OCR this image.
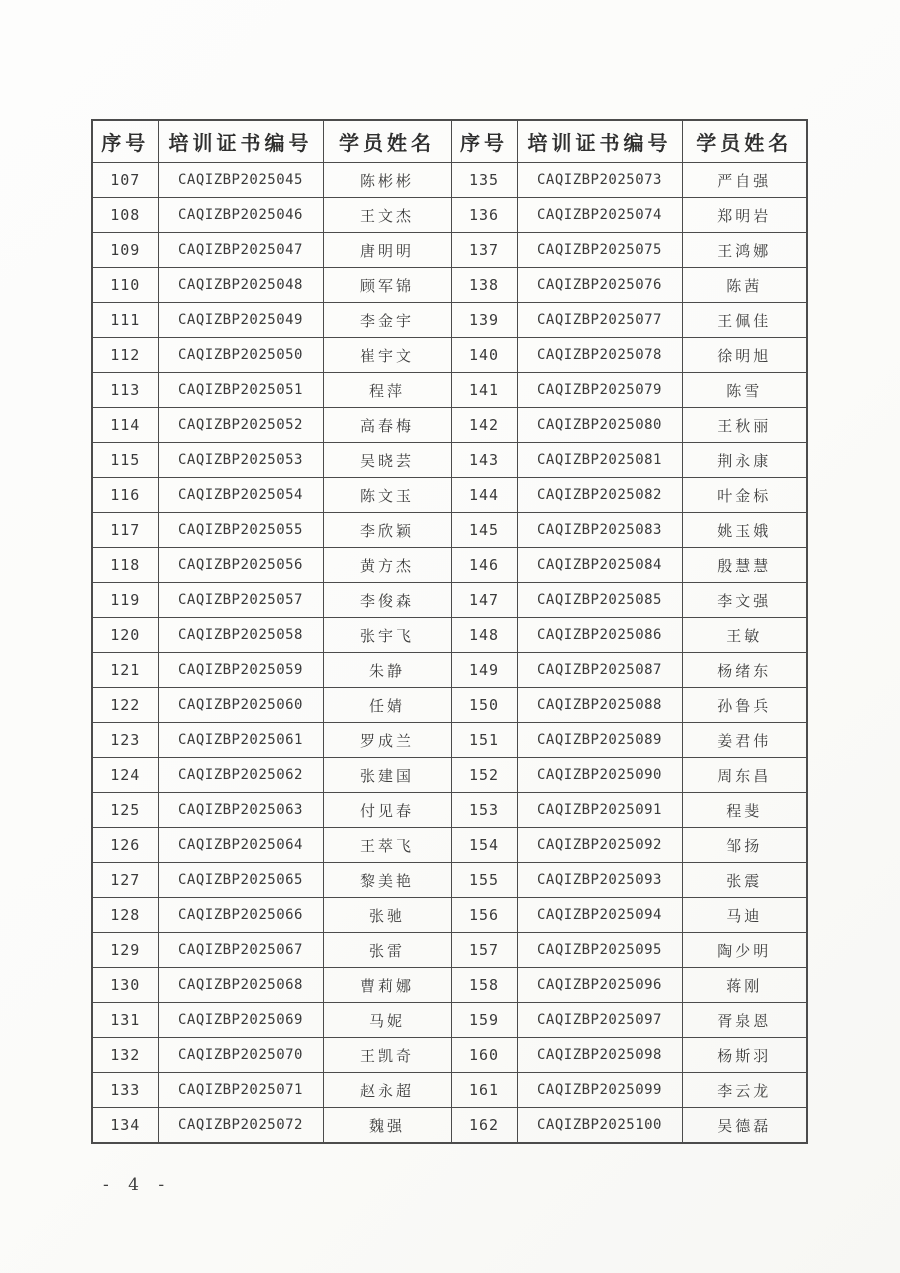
序号	培训证书编号	学员姓名	序号	培训证书编号	学员姓名
107	CAQIZBP2025045	陈彬彬	135	CAQIZBP2025073	严自强
108	CAQIZBP2025046	王文杰	136	CAQIZBP2025074	郑明岩
109	CAQIZBP2025047	唐明明	137	CAQIZBP2025075	王鸿娜
110	CAQIZBP2025048	顾军锦	138	CAQIZBP2025076	陈茜
111	CAQIZBP2025049	李金宇	139	CAQIZBP2025077	王佩佳
112	CAQIZBP2025050	崔宇文	140	CAQIZBP2025078	徐明旭
113	CAQIZBP2025051	程萍	141	CAQIZBP2025079	陈雪
114	CAQIZBP2025052	高春梅	142	CAQIZBP2025080	王秋丽
115	CAQIZBP2025053	吴晓芸	143	CAQIZBP2025081	荆永康
116	CAQIZBP2025054	陈文玉	144	CAQIZBP2025082	叶金标
117	CAQIZBP2025055	李欣颖	145	CAQIZBP2025083	姚玉娥
118	CAQIZBP2025056	黄方杰	146	CAQIZBP2025084	殷慧慧
119	CAQIZBP2025057	李俊森	147	CAQIZBP2025085	李文强
120	CAQIZBP2025058	张宇飞	148	CAQIZBP2025086	王敏
121	CAQIZBP2025059	朱静	149	CAQIZBP2025087	杨绪东
122	CAQIZBP2025060	任婧	150	CAQIZBP2025088	孙鲁兵
123	CAQIZBP2025061	罗成兰	151	CAQIZBP2025089	姜君伟
124	CAQIZBP2025062	张建国	152	CAQIZBP2025090	周东昌
125	CAQIZBP2025063	付见春	153	CAQIZBP2025091	程斐
126	CAQIZBP2025064	王萃飞	154	CAQIZBP2025092	邹扬
127	CAQIZBP2025065	黎美艳	155	CAQIZBP2025093	张震
128	CAQIZBP2025066	张驰	156	CAQIZBP2025094	马迪
129	CAQIZBP2025067	张雷	157	CAQIZBP2025095	陶少明
130	CAQIZBP2025068	曹莉娜	158	CAQIZBP2025096	蒋刚
131	CAQIZBP2025069	马妮	159	CAQIZBP2025097	胥泉恩
132	CAQIZBP2025070	王凯奇	160	CAQIZBP2025098	杨斯羽
133	CAQIZBP2025071	赵永超	161	CAQIZBP2025099	李云龙
134	CAQIZBP2025072	魏强	162	CAQIZBP2025100	吴德磊
- 4 -
